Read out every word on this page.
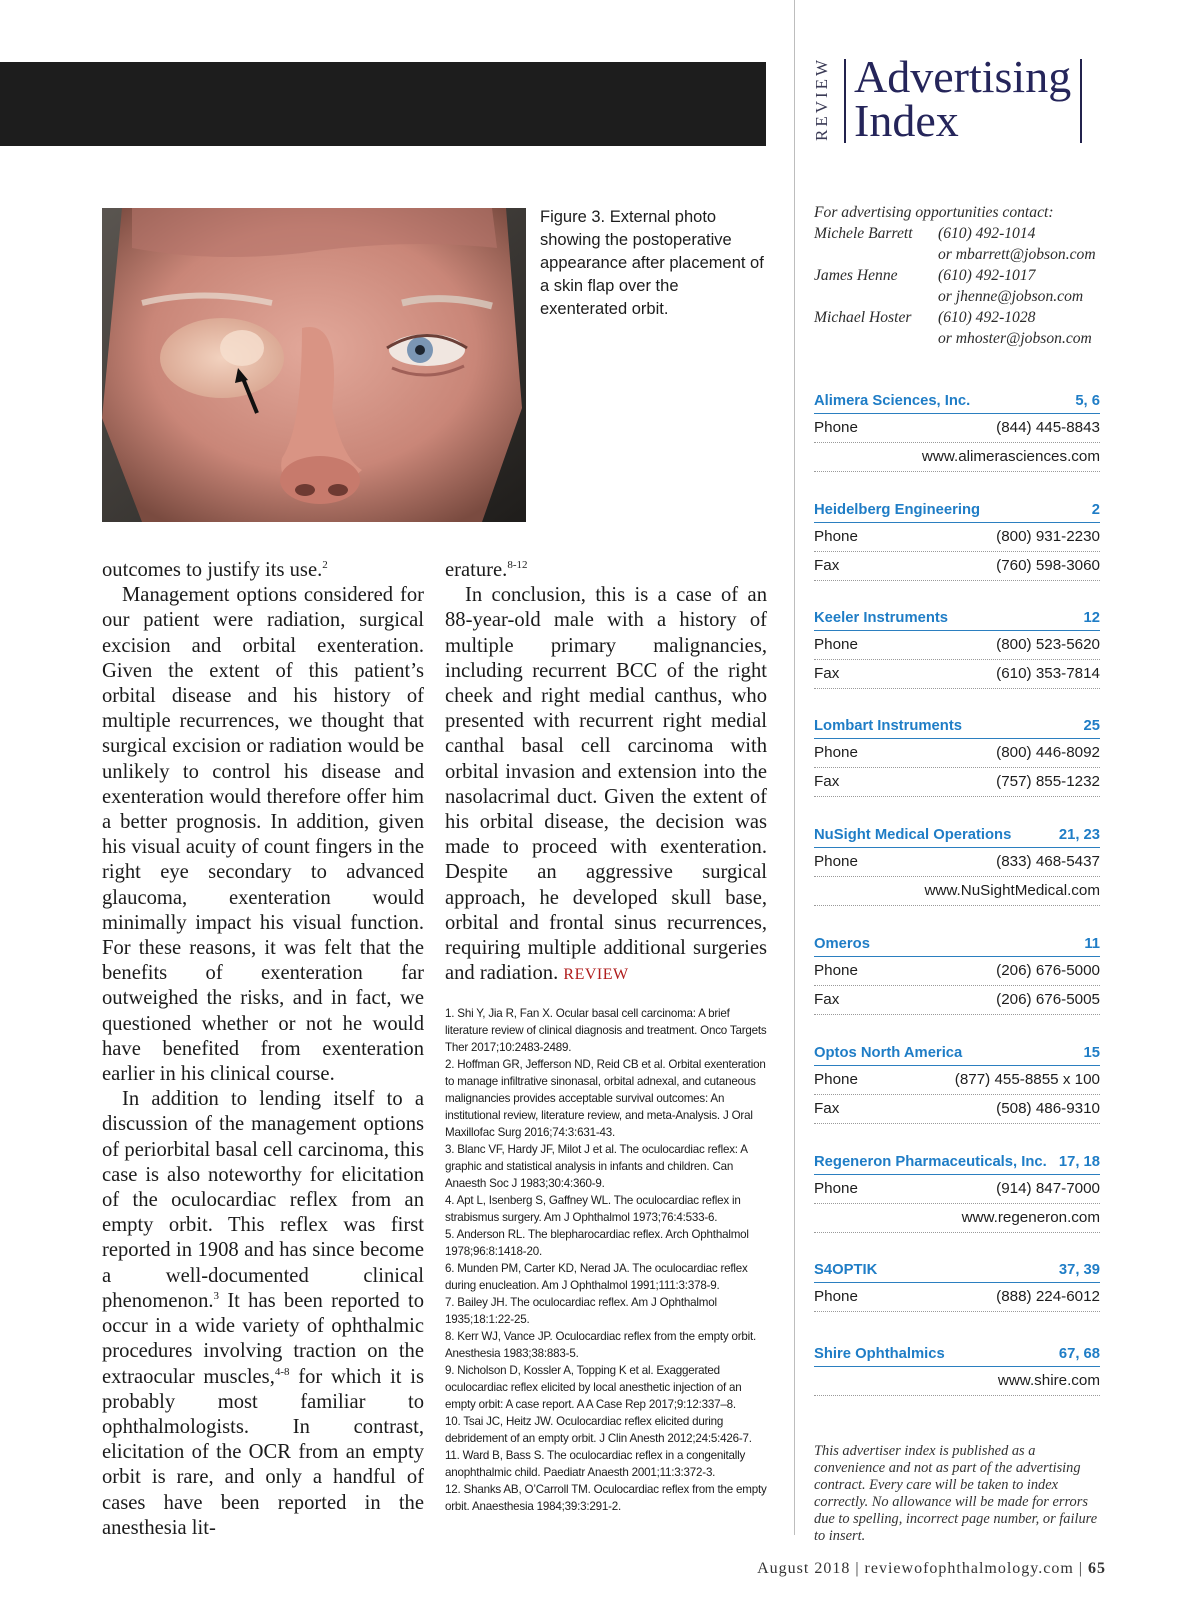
REVIEW Advertising
Index
Figure 3. External photo showing the postoperative appearance after placement of a skin flap over the exenterated orbit.

outcomes to justify its use.$^2$

Management options considered for our patient were radiation, surgical excision and orbital exenteration. Given the extent of this patient’s orbital disease and his history of multiple recurrences, we thought that surgical excision or radiation would be unlikely to control his disease and exenteration would therefore offer him a better prognosis. In addition, given his visual acuity of count fingers in the right eye secondary to advanced glaucoma, exenteration would minimally impact his visual function. For these reasons, it was felt that the benefits of exenteration far outweighed the risks, and in fact, we questioned whether or not he would have benefited from exenteration earlier in his clinical course.

In addition to lending itself to a discussion of the management options of periorbital basal cell carcinoma, this case is also noteworthy for elicitation of the oculocardiac reflex from an empty orbit. This reflex was first reported in 1908 and has since become a well-documented clinical phenomenon.$^3$ It has been reported to occur in a wide variety of ophthalmic procedures involving traction on the extraocular muscles,$^{4-8}$ for which it is probably most familiar to ophthalmologists. In contrast, elicitation of the OCR from an empty orbit is rare, and only a handful of cases have been reported in the anesthesia lit-

erature.$^{8-12}$

In conclusion, this is a case of an 88-year-old male with a history of multiple primary malignancies, including recurrent BCC of the right cheek and right medial canthus, who presented with recurrent right medial canthal basal cell carcinoma with orbital invasion and extension into the nasolacrimal duct. Given the extent of his orbital disease, the decision was made to proceed with exenteration. Despite an aggressive surgical approach, he developed skull base, orbital and frontal sinus recurrences, requiring multiple additional surgeries and radiation. REVIEW

1. Shi Y, Jia R, Fan X. Ocular basal cell carcinoma: A brief literature review of clinical diagnosis and treatment. Onco Targets Ther 2017;10:2483-2489.
2. Hoffman GR, Jefferson ND, Reid CB et al. Orbital exenteration to manage infiltrative sinonasal, orbital adnexal, and cutaneous malignancies provides acceptable survival outcomes: An institutional review, literature review, and meta-Analysis. J Oral Maxillofac Surg 2016;74:3:631-43.
3. Blanc VF, Hardy JF, Milot J et al. The oculocardiac reflex: A graphic and statistical analysis in infants and children. Can Anaesth Soc J 1983;30:4:360-9.
4. Apt L, Isenberg S, Gaffney WL. The oculocardiac reflex in strabismus surgery. Am J Ophthalmol 1973;76:4:533-6.
5. Anderson RL. The blepharocardiac reflex. Arch Ophthalmol 1978;96:8:1418-20.
6. Munden PM, Carter KD, Nerad JA. The oculocardiac reflex during enucleation. Am J Ophthalmol 1991;111:3:378-9.
7. Bailey JH. The oculocardiac reflex. Am J Ophthalmol 1935;18:1:22-25.
8. Kerr WJ, Vance JP. Oculocardiac reflex from the empty orbit. Anesthesia 1983;38:883-5.
9. Nicholson D, Kossler A, Topping K et al. Exaggerated oculocardiac reflex elicited by local anesthetic injection of an empty orbit: A case report. A A Case Rep 2017;9:12:337–8.
10. Tsai JC, Heitz JW. Oculocardiac reflex elicited during debridement of an empty orbit. J Clin Anesth 2012;24:5:426-7.
11. Ward B, Bass S. The oculocardiac reflex in a congenitally anophthalmic child. Paediatr Anaesth 2001;11:3:372-3.
12. Shanks AB, O’Carroll TM. Oculocardiac reflex from the empty orbit. Anaesthesia 1984;39:3:291-2.
For advertising opportunities contact:
Michele Barrett (610) 492-1014
or mbarrett@jobson.com
James Henne	(610) 492-1017
or jhenne@jobson.com
Michael Hoster (610) 492-1028
or mhoster@jobson.com
Alimera Sciences, Inc.	5, 6
Phone	(844) 445-8843
www.alimerasciences.com
Heidelberg Engineering	2
Phone	(800) 931-2230
Fax	(760) 598-3060
Keeler Instruments	12
Phone	(800) 523-5620
Fax	(610) 353-7814
Lombart Instruments	25
Phone	(800) 446-8092
Fax	(757) 855-1232
NuSight Medical Operations	21, 23
Phone	(833) 468-5437
www.NuSightMedical.com
Omeros	11
Phone	(206) 676-5000
Fax	(206) 676-5005
Optos North America	15
Phone	(877) 455-8855 x 100
Fax	(508) 486-9310
Regeneron Pharmaceuticals, Inc. 17, 18
Phone	(914) 847-7000
www.regeneron.com
S4OPTIK	37, 39
Phone	(888) 224-6012
Shire Ophthalmics	67, 68
www.shire.com
This advertiser index is published as a convenience and not as part of the advertising contract. Every care will be taken to index correctly. No allowance will be made for errors due to spelling, incorrect page number, or failure to insert.
August 2018 | reviewofophthalmology.com | 65
